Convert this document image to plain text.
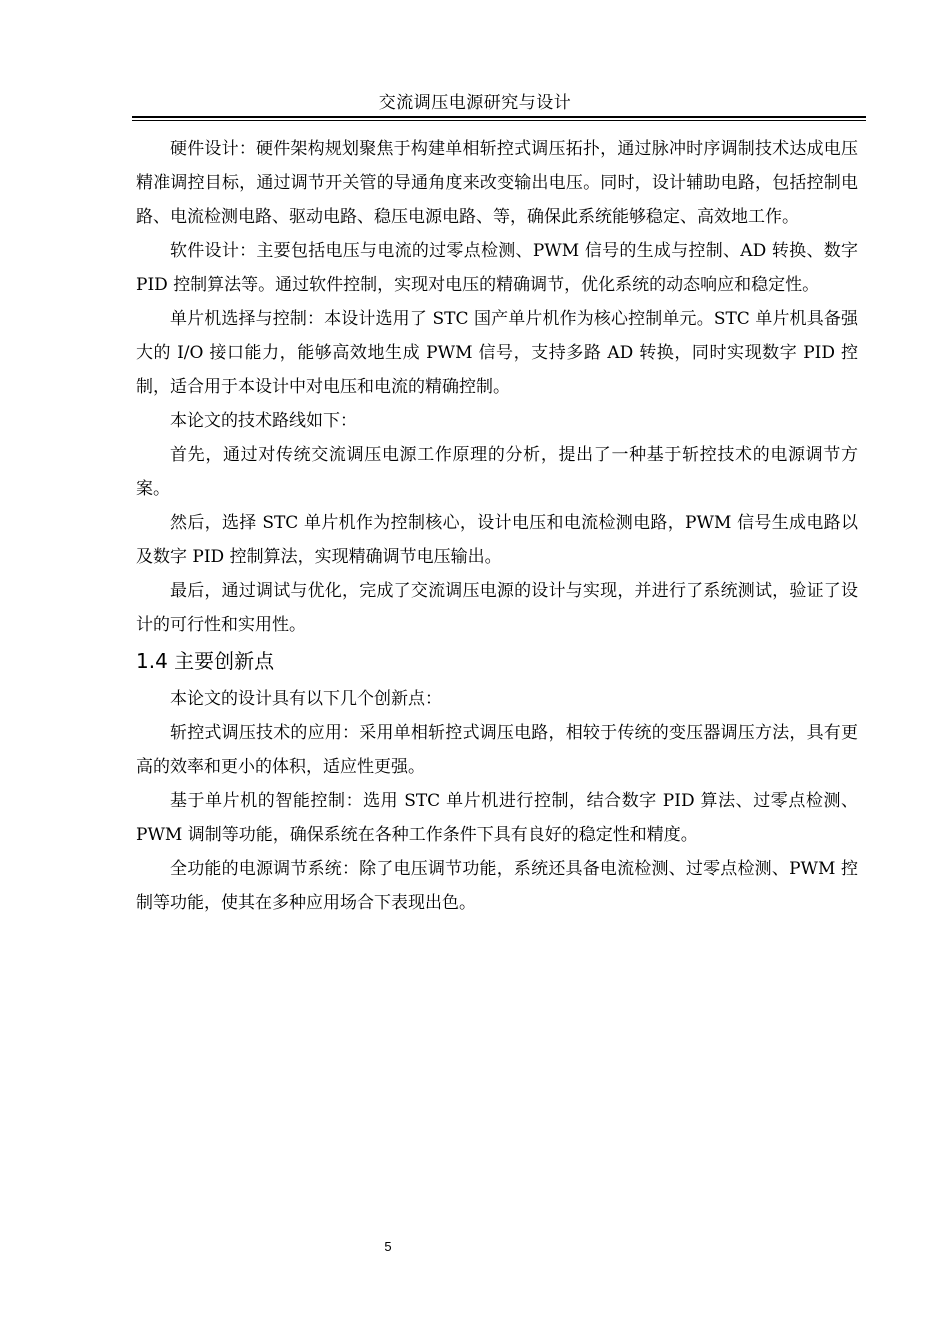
交流调压电源研究与设计

硬件设计：硬件架构规划聚焦于构建单相斩控式调压拓扑，通过脉冲时序调制技术达成电压精准调控目标，通过调节开关管的导通角度来改变输出电压。同时，设计辅助电路，包括控制电路、电流检测电路、驱动电路、稳压电源电路、等，确保此系统能够稳定、高效地工作。

软件设计：主要包括电压与电流的过零点检测、PWM 信号的生成与控制、AD 转换、数字 PID 控制算法等。通过软件控制，实现对电压的精确调节，优化系统的动态响应和稳定性。

单片机选择与控制：本设计选用了 STC 国产单片机作为核心控制单元。STC 单片机具备强大的 I/O 接口能力，能够高效地生成 PWM 信号，支持多路 AD 转换，同时实现数字 PID 控制，适合用于本设计中对电压和电流的精确控制。

本论文的技术路线如下：

首先，通过对传统交流调压电源工作原理的分析，提出了一种基于斩控技术的电源调节方案。

然后，选择 STC 单片机作为控制核心，设计电压和电流检测电路，PWM 信号生成电路以及数字 PID 控制算法，实现精确调节电压输出。

最后，通过调试与优化，完成了交流调压电源的设计与实现，并进行了系统测试，验证了设计的可行性和实用性。

1.4 主要创新点

本论文的设计具有以下几个创新点：

斩控式调压技术的应用：采用单相斩控式调压电路，相较于传统的变压器调压方法，具有更高的效率和更小的体积，适应性更强。

基于单片机的智能控制：选用 STC 单片机进行控制，结合数字 PID 算法、过零点检测、PWM 调制等功能，确保系统在各种工作条件下具有良好的稳定性和精度。

全功能的电源调节系统：除了电压调节功能，系统还具备电流检测、过零点检测、PWM 控制等功能，使其在多种应用场合下表现出色。

5
